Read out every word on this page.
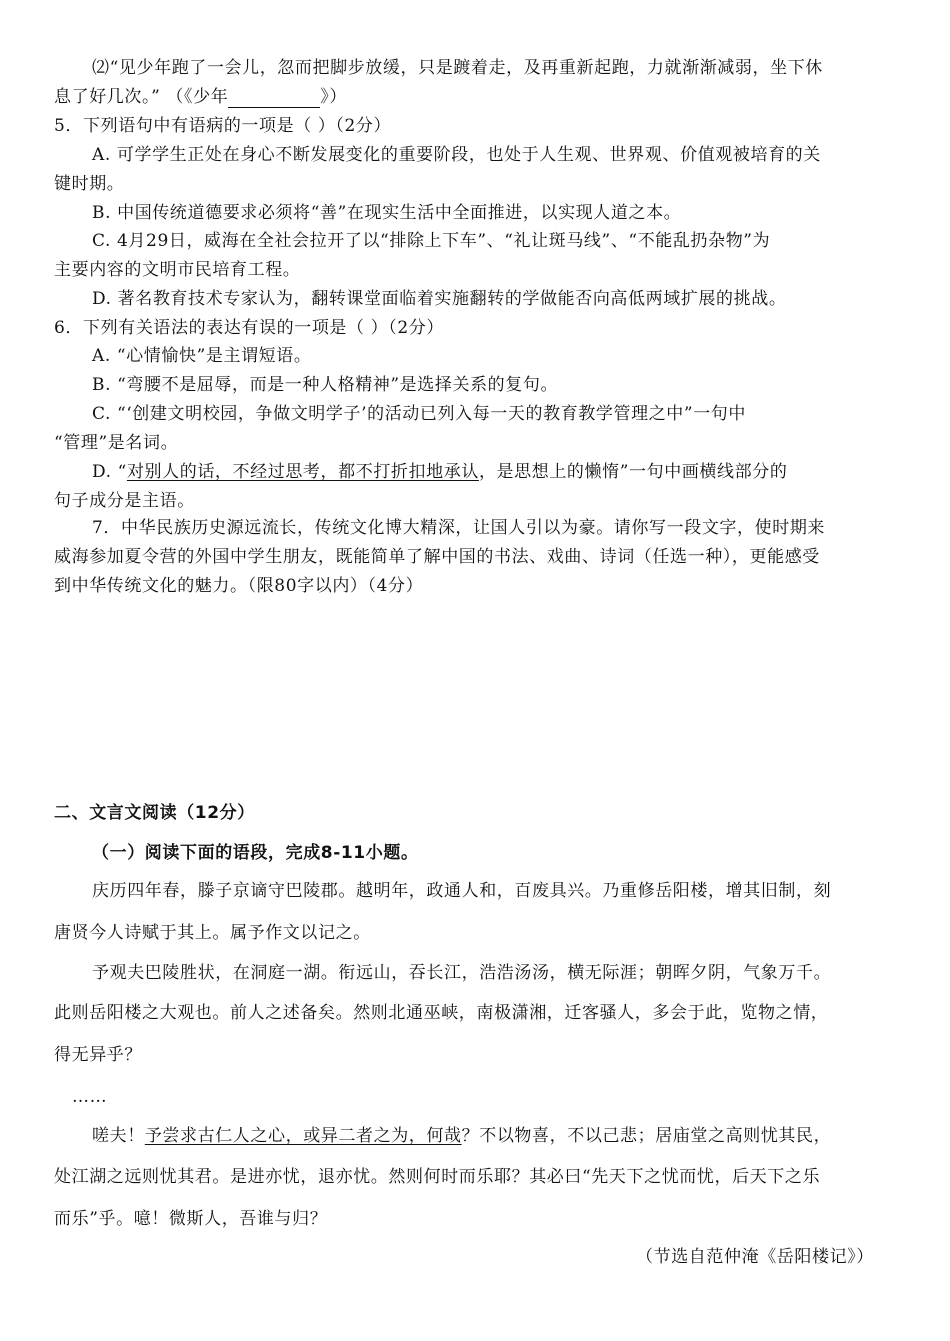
⑵“见少年跑了一会儿，忽而把脚步放缓，只是踱着走，及再重新起跑，力就渐渐减弱，坐下休
息了好几次。” （《少年	》）
5．下列语句中有语病的一项是（ ）（2分）
A. 可学学生正处在身心不断发展变化的重要阶段，也处于人生观、世界观、价值观被培育的关
键时期。
B. 中国传统道德要求必须将“善”在现实生活中全面推进，以实现人道之本。
C. 4月29日，威海在全社会拉开了以“排除上下车”、“礼让斑马线”、“不能乱扔杂物”为
主要内容的文明市民培育工程。
D. 著名教育技术专家认为，翻转课堂面临着实施翻转的学做能否向高低两域扩展的挑战。
6．下列有关语法的表达有误的一项是（ ）（2分）
A. “心情愉快”是主谓短语。
B. “弯腰不是屈辱，而是一种人格精神”是选择关系的复句。
C. “‘创建文明校园，争做文明学子’的活动已列入每一天的教育教学管理之中”一句中
“管理”是名词。
D. “对别人的话，不经过思考，都不打折扣地承认，是思想上的懒惰”一句中画横线部分的
句子成分是主语。
7．中华民族历史源远流长，传统文化博大精深，让国人引以为豪。请你写一段文字，使时期来
威海参加夏令营的外国中学生朋友，既能简单了解中国的书法、戏曲、诗词（任选一种），更能感受
到中华传统文化的魅力。（限80字以内）（4分）
二、文言文阅读（12分）
（一）阅读下面的语段，完成8-11小题。
庆历四年春，滕子京谪守巴陵郡。越明年，政通人和，百废具兴。乃重修岳阳楼，增其旧制，刻
唐贤今人诗赋于其上。属予作文以记之。
予观夫巴陵胜状，在洞庭一湖。衔远山，吞长江，浩浩汤汤，横无际涯；朝晖夕阴，气象万千。
此则岳阳楼之大观也。前人之述备矣。然则北通巫峡，南极潇湘，迁客骚人，多会于此，览物之情，
得无异乎？
……
嗟夫！予尝求古仁人之心，或异二者之为，何哉？不以物喜，不以己悲；居庙堂之高则忧其民，
处江湖之远则忧其君。是进亦忧，退亦忧。然则何时而乐耶？其必曰“先天下之忧而忧，后天下之乐
而乐”乎。噫！微斯人，吾谁与归？
（节选自范仲淹《岳阳楼记》）
